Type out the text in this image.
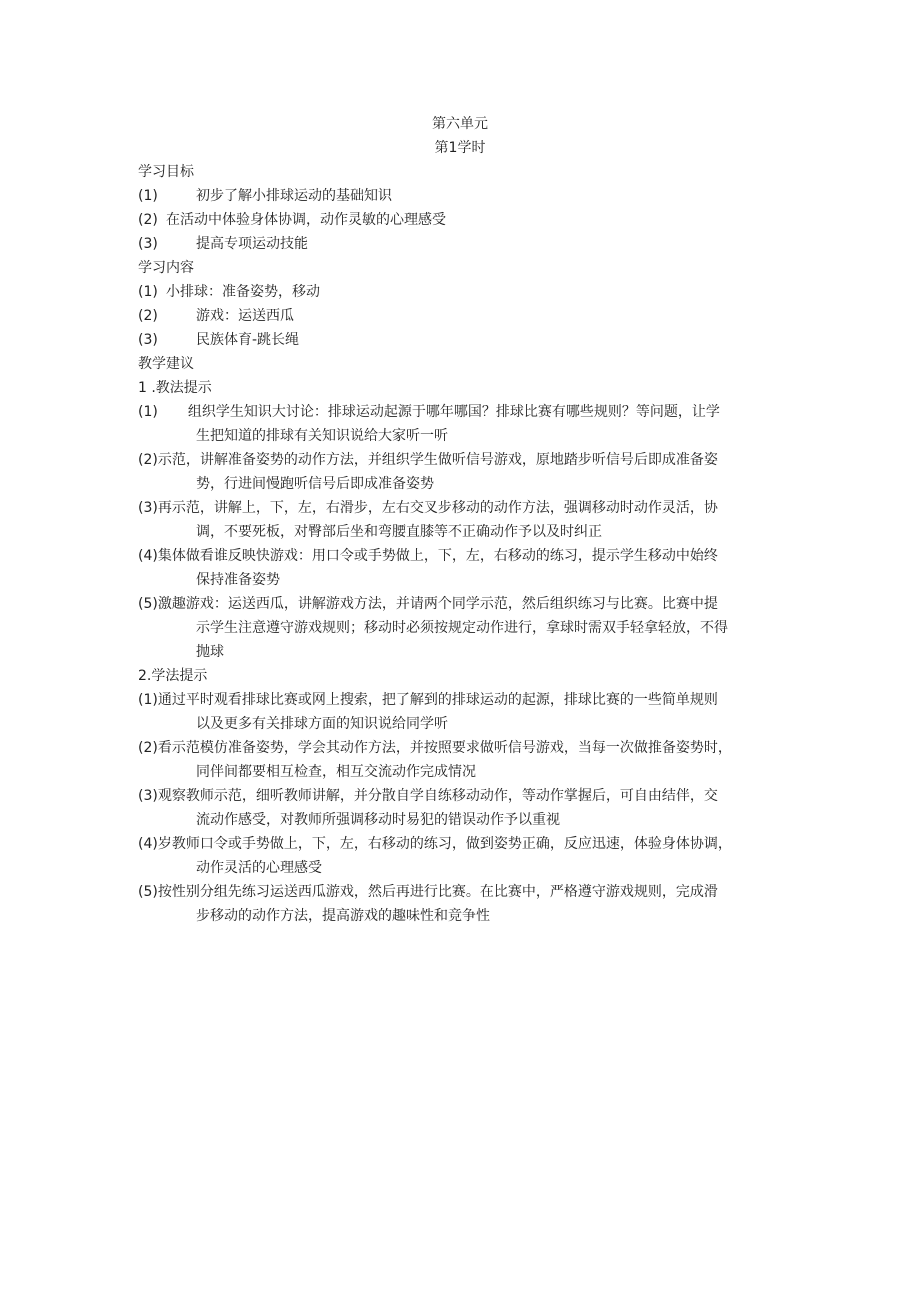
第六单元
第1学时
学习目标
(1)	初步了解小排球运动的基础知识
(2) 在活动中体验身体协调，动作灵敏的心理感受
(3)	提高专项运动技能
学习内容
(1) 小排球：准备姿势，移动
(2)	游戏：运送西瓜
(3)	民族体育-跳长绳
教学建议
1 .教法提示
(1) 组织学生知识大讨论：排球运动起源于哪年哪国？排球比赛有哪些规则？等问题，让学
生把知道的排球有关知识说给大家听一听
(2)示范，讲解准备姿势的动作方法，并组织学生做听信号游戏，原地踏步听信号后即成准备姿
势，行进间慢跑听信号后即成准备姿势
(3)再示范，讲解上，下，左，右滑步，左右交叉步移动的动作方法，强调移动时动作灵活，协
调，不要死板，对臀部后坐和弯腰直膝等不正确动作予以及时纠正
(4)集体做看谁反映快游戏：用口令或手势做上，下，左，右移动的练习，提示学生移动中始终
保持准备姿势
(5)激趣游戏：运送西瓜，讲解游戏方法，并请两个同学示范，然后组织练习与比赛。比赛中提
示学生注意遵守游戏规则；移动时必须按规定动作进行，拿球时需双手轻拿轻放，不得
抛球
2.学法提示
(1)通过平时观看排球比赛或网上搜索，把了解到的排球运动的起源，排球比赛的一些简单规则
以及更多有关排球方面的知识说给同学听
(2)看示范模仿准备姿势，学会其动作方法，并按照要求做听信号游戏，当每一次做推备姿势时，
同伴间都要相互检查，相互交流动作完成情况
(3)观察教师示范，细听教师讲解，并分散自学自练移动动作，等动作掌握后，可自由结伴，交
流动作感受，对教师所强调移动时易犯的错误动作予以重视
(4)岁教师口令或手势做上，下，左，右移动的练习，做到姿势正确，反应迅速，体验身体协调，
动作灵活的心理感受
(5)按性别分组先练习运送西瓜游戏，然后再进行比赛。在比赛中，严格遵守游戏规则，完成滑
步移动的动作方法，提高游戏的趣味性和竞争性
